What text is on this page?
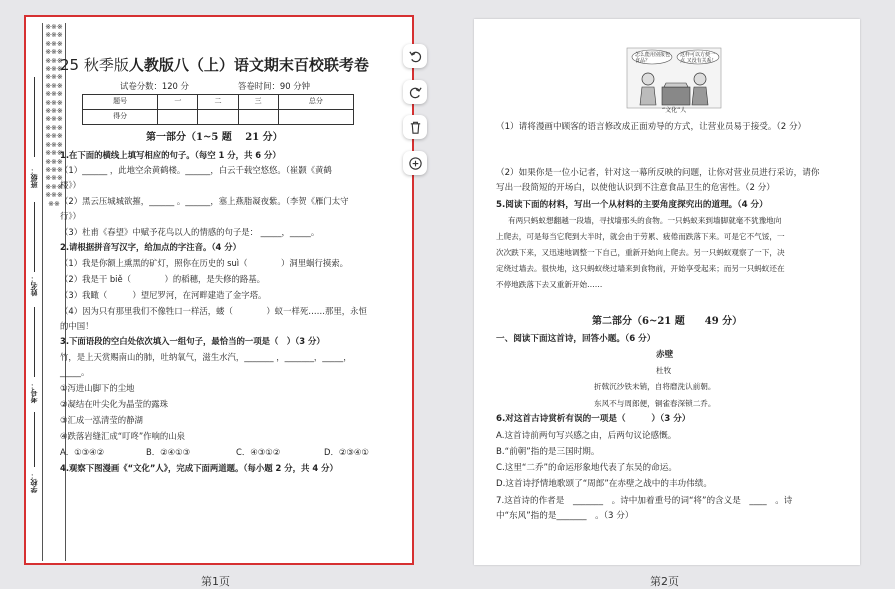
※※※※※※※※※※※※※※※※※※※※※※※※※※※※※※※※※※※※※※※※※※※※※※※※※※※※※※※※※※※※※※※※※
班级：
姓名：
考号：
学校：
25 秋季版人教版八（上）语文期末百校联考卷
试卷分数：120 分	答卷时间：90 分钟
题号	一	二	三	总分
得分				
第一部分（1~5 题　 21 分）
1.在下面的横线上填写相应的句子。（每空 1 分，共 6 分）
（1）______ ，此地空余黄鹤楼。______，白云千载空悠悠。（崔颢《黄鹤
楼》）
（2）黑云压城城欲摧，______ 。______，塞上燕脂凝夜紫。（李贺《雁门太守
行》）
（3）杜甫《春望》中赋予花鸟以人的情感的句子是： _____，_____。
2.请根据拼音写汉字，给加点的字注音。（4 分）
（1）我是你额上熏黑的矿灯，照你在历史的 suì（　　　　）洞里蜗行摸索。
（2）我是干 biě（　　　　）的稻穗，是失修的路基。
（3）我瞰（　　　）望尼罗河，在河畔建造了金字塔。
（4）因为只有那里我们不像牲口一样活，蝼（　　　　）蚁一样死……那里，永恒
的中国！
3.下面语段的空白处依次填入一组句子，最恰当的一项是（　）（3 分）
竹，是上天赏赐南山的肺，吐纳氧气，滋生水汽，_______ ，_______，_____，
_____。
①泻进山脚下的尘地
②凝结在叶尖化为晶莹的露珠
③汇成一泓清莹的静湖
④跌落岩缝汇成“叮咚”作响的山泉
A．①③④②	B．②④①③	C．④③①②	D．②③④①
4.观察下图漫画《“文化”人》，完成下面两道题。（每小题 2 分，共 4 分）
怎么能用别报包食品？
这样可以方便一点 又没有关系！
“文化”人
（1）请将漫画中顾客的语言修改成正面劝导的方式，让营业员易于接受。（2 分）
（2）如果你是一位小记者，针对这一幕所反映的问题，让你对营业员进行采访，请你
写出一段简短的开场白，以使他认识到不注意食品卫生的危害性。（2 分）
5.阅读下面的材料，写出一个从材料的主要角度探究出的道理。（4 分）
有两只蚂蚁想翻越一段墙，寻找墙那头的食物。一只蚂蚁来到墙脚就毫不犹豫地向
上爬去，可是每当它爬到大半时，就会由于劳累、疲倦而跌落下来。可是它不气馁，一
次次跌下来，又迅速地调整一下自己，重新开始向上爬去。另一只蚂蚁观察了一下，决
定绕过墙去。很快地，这只蚂蚁绕过墙来到食物前，开始享受起来；而另一只蚂蚁还在
不停地跌落下去又重新开始……
第二部分（6~21 题　　49 分）
一、阅读下面这首诗，回答小题。（6 分）
赤壁
杜牧
折戟沉沙铁未销，自将磨洗认前朝。
东风不与周郎便，铜雀春深锁二乔。
6.对这首古诗赏析有误的一项是（　　　）（3 分）
A.这首诗前两句写兴感之由，后两句议论感慨。
B.“前朝”指的是三国时期。
C.这里“二乔”的命运形象地代表了东吴的命运。
D.这首诗抒情地歌颂了“周郎”在赤壁之战中的丰功伟绩。
7.这首诗的作者是　_______　。诗中加着重号的词“将”的含义是　____　。诗
中“东风”指的是_______　。（3 分）
第1页	第2页
